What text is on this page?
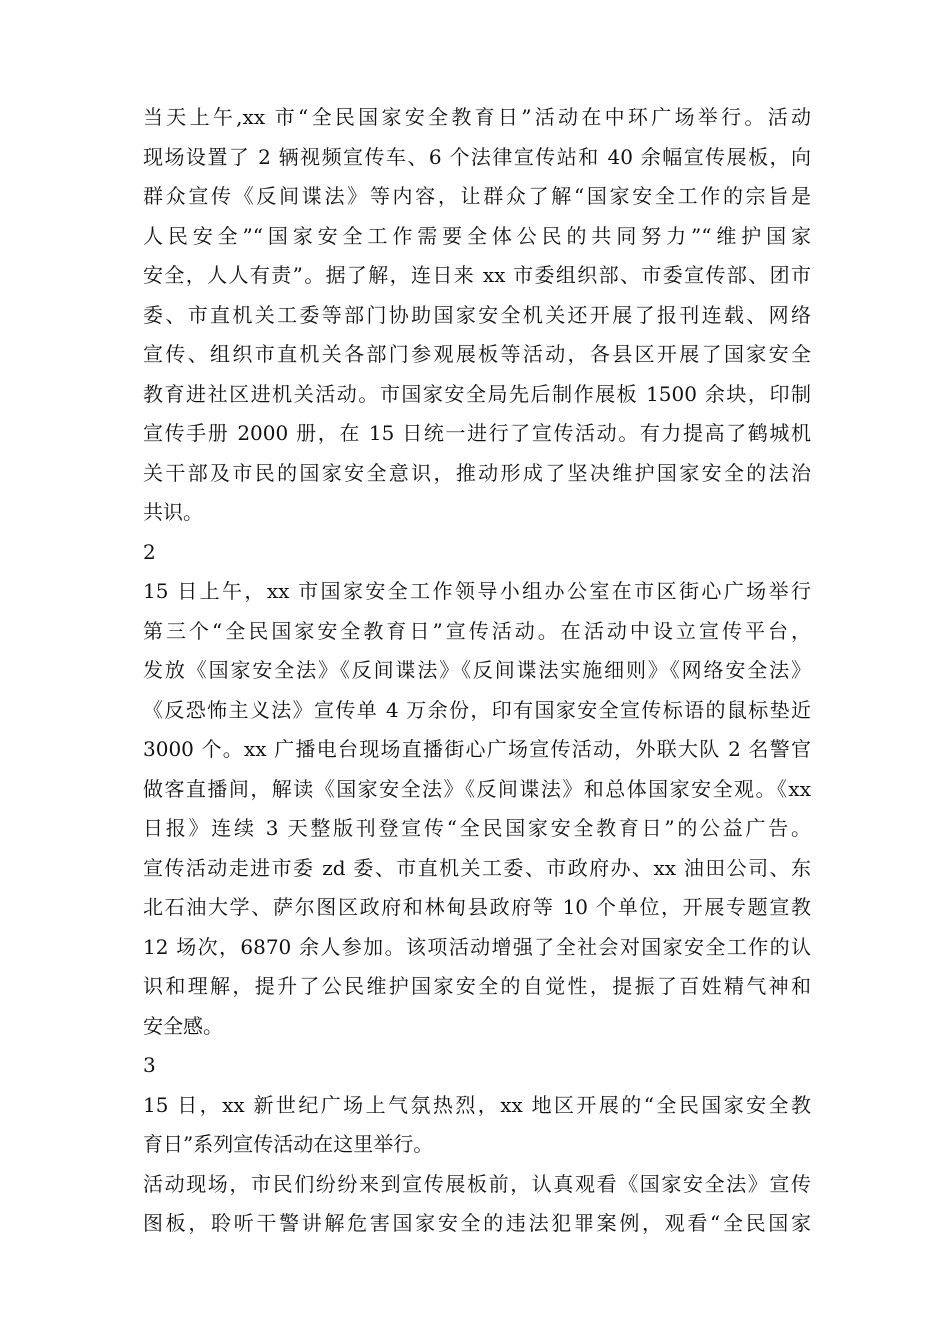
当天上午,xx 市“全民国家安全教育日”活动在中环广场举行。活动
现场设置了 2 辆视频宣传车、6 个法律宣传站和 40 余幅宣传展板，向
群众宣传《反间谍法》等内容，让群众了解“国家安全工作的宗旨是
人民安全”“国家安全工作需要全体公民的共同努力”“维护国家
安全，人人有责”。据了解，连日来 xx 市委组织部、市委宣传部、团市
委、市直机关工委等部门协助国家安全机关还开展了报刊连载、网络
宣传、组织市直机关各部门参观展板等活动，各县区开展了国家安全
教育进社区进机关活动。市国家安全局先后制作展板 1500 余块，印制
宣传手册 2000 册，在 15 日统一进行了宣传活动。有力提高了鹤城机
关干部及市民的国家安全意识，推动形成了坚决维护国家安全的法治
共识。
2
15 日上午，xx 市国家安全工作领导小组办公室在市区街心广场举行
第三个“全民国家安全教育日”宣传活动。在活动中设立宣传平台，
发放《国家安全法》《反间谍法》《反间谍法实施细则》《网络安全法》
《反恐怖主义法》宣传单 4 万余份，印有国家安全宣传标语的鼠标垫近
3000 个。xx 广播电台现场直播街心广场宣传活动，外联大队 2 名警官
做客直播间，解读《国家安全法》《反间谍法》和总体国家安全观。《xx
日报》连续 3 天整版刊登宣传“全民国家安全教育日”的公益广告。
宣传活动走进市委 zd 委、市直机关工委、市政府办、xx 油田公司、东
北石油大学、萨尔图区政府和林甸县政府等 10 个单位，开展专题宣教
12 场次，6870 余人参加。该项活动增强了全社会对国家安全工作的认
识和理解，提升了公民维护国家安全的自觉性，提振了百姓精气神和
安全感。
3
15 日，xx 新世纪广场上气氛热烈，xx 地区开展的“全民国家安全教
育日”系列宣传活动在这里举行。
活动现场，市民们纷纷来到宣传展板前，认真观看《国家安全法》宣传
图板，聆听干警讲解危害国家安全的违法犯罪案例，观看“全民国家
